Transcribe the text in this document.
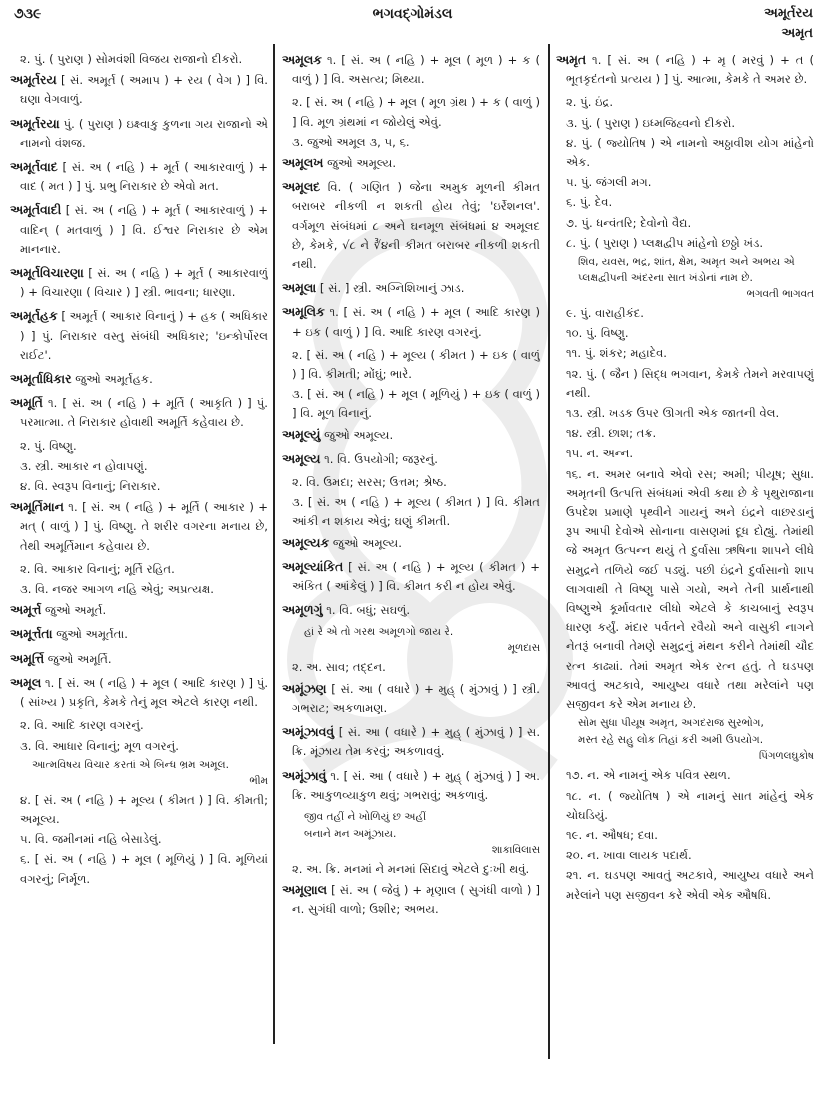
૭૩૯	ભગવદ્ગોમંડલ	અમૂર્તરય
અમૃત

૨. પું. ( પુરાણ ) સોમવંશી વિજય રાજાનો દીકરો.

અમૂર્તરય [ સં. અમૂર્ત ( અમાપ ) + રય ( વેગ ) ] વિ. ઘણા વેગવાળું.

અમૂર્તરયા પું. ( પુરાણ ) ઇક્ષ્વાકુ કુળના ગય રાજાનો એ નામનો વંશજ.

અમૂર્તવાદ [ સં. અ ( નહિ ) + મૂર્ત ( આકારવાળું ) + વાદ ( મત ) ] પું. પ્રભુ નિરાકાર છે એવો મત.

અમૂર્તવાદી [ સં. અ ( નહિ ) + મૂર્ત ( આકારવાળું ) + વાદિન્ ( મતવાળું ) ] વિ. ઈશ્વર નિરાકાર છે એમ માનનાર.

અમૂર્તવિચારણા [ સં. અ ( નહિ ) + મૂર્ત ( આકારવાળું ) + વિચારણા ( વિચાર ) ] સ્ત્રી. ભાવના; ધારણા.

અમૂર્તહક [ અમૂર્ત ( આકાર વિનાનું ) + હક ( અધિકાર ) ] પું. નિરાકાર વસ્તુ સંબંધી અધિકાર; 'ઇન્કોર્પોરલ રાઈટ'.

અમૂર્તાધિકાર જુઓ અમૂર્તહક.

અમૂર્તિ ૧. [ સં. અ ( નહિ ) + મૂર્તિ ( આકૃતિ ) ] પું. પરમાત્મા. તે નિરાકાર હોવાથી અમૂર્તિ કહેવાય છે.

૨. પું. વિષ્ણુ.

૩. સ્ત્રી. આકાર ન હોવાપણું.

૪. વિ. સ્વરૂપ વિનાનું; નિરાકાર.

અમૂર્તિમાન ૧. [ સં. અ ( નહિ ) + મૂર્તિ ( આકાર ) + મત્ ( વાળું ) ] પું. વિષ્ણુ. તે શરીર વગરના મનાય છે, તેથી અમૂર્તિમાન કહેવાય છે.

૨. વિ. આકાર વિનાનું; મૂર્તિ રહિત.

૩. વિ. નજર આગળ નહિ એવું; અપ્રત્યક્ષ.

અમૂર્ત્ત જુઓ અમૂર્ત.

અમૂર્ત્તતા જુઓ અમૂર્તતા.

અમૂર્ત્તિ જુઓ અમૂર્તિ.

અમૂલ ૧. [ સં. અ ( નહિ ) + મૂલ ( આદિ કારણ ) ] પું. ( સાંખ્ય ) પ્રકૃતિ, કેમકે તેનું મૂલ એટલે કારણ નથી.

૨. વિ. આદિ કારણ વગરનું.

૩. વિ. આધાર વિનાનું; મૂળ વગરનું.

આત્મવિષય વિચાર કરતાં એ બિન્ધ ભ્રમ અમૂલ.

ભીમ

૪. [ સં. અ ( નહિ ) + મૂલ્ય ( કીમત ) ] વિ. કીમતી; અમૂલ્ય.

૫. વિ. જમીનમાં નહિ બેસાડેલું.

૬. [ સં. અ ( નહિ ) + મૂલ ( મૂળિયું ) ] વિ. મૂળિયાં વગરનું; નિર્મૂળ.

અમૂલક ૧. [ સં. અ ( નહિ ) + મૂલ ( મૂળ ) + ક ( વાળું ) ] વિ. અસત્ય; મિથ્યા.

૨. [ સં. અ ( નહિ ) + મૂલ ( મૂળ ગ્રંથ ) + ક ( વાળું ) ] વિ. મૂળ ગ્રંથમાં ન જોયેલું એવું.

૩. જુઓ અમૂલ ૩, ૫, ૬.

અમૂલખ જુઓ અમૂલ્ય.

અમૂલદ વિ. ( ગણિત ) જેના અમુક મૂળની કીમત બરાબર નીકળી ન શકતી હોય તેવું; 'ઇર્રેશનલ'. વર્ગમૂળ સંબંધમાં ૮ અને ઘનમૂળ સંબંધમાં ૪ અમૂલદ છે, કેમકે, √૮ ને ∛૪ની કીમત બરાબર નીકળી શકતી નથી.

અમૂલા [ સં. ] સ્ત્રી. અગ્નિશિખાનું ઝાડ.

અમૂલિક ૧. [ સં. અ ( નહિ ) + મૂલ ( આદિ કારણ ) + ઇક ( વાળું ) ] વિ. આદિ કારણ વગરનું.

૨. [ સં. અ ( નહિ ) + મૂલ્ય ( કીમત ) + ઇક ( વાળું ) ] વિ. કીમતી; મોંઘું; ભારે.

૩. [ સં. અ ( નહિ ) + મૂલ ( મૂળિયું ) + ઇક ( વાળું ) ] વિ. મૂળ વિનાનું.

અમૂલ્યું જુઓ અમૂલ્ય.

અમૂલ્ય ૧. વિ. ઉપયોગી; જરૂરનું.

૨. વિ. ઉમદા; સરસ; ઉત્તમ; શ્રેષ્ઠ.

૩. [ સં. અ ( નહિ ) + મૂલ્ય ( કીમત ) ] વિ. કીમત આંકી ન શકાય એવું; ઘણું કીમતી.

અમૂલ્યક જુઓ અમૂલ્ય.

અમૂલ્યાંકિત [ સં. અ ( નહિ ) + મૂલ્ય ( કીમત ) + અંકિત ( આંકેલું ) ] વિ. કીમત કરી ન હોય એવું.

અમૂળગું ૧. વિ. બધું; સઘળું.

હાં રે એ તો ગરથ અમૂળગો જાય રે.

મૂળદાસ

૨. અ. સાવ; તદ્દન.

અમૂંઝણ [ સં. આ ( વધારે ) + મુહ્ ( મુંઝાવું ) ] સ્ત્રી. ગભરાટ; અકળામણ.

અમૂંઝાવવું [ સં. આ ( વધારે ) + મુહ્ ( મુંઝાવું ) ] સ. ક્રિ. મૂંઝાય તેમ કરવું; અકળાવવું.

અમૂંઝાવું ૧. [ સં. આ ( વધારે ) + મુહ્ ( મુંઝાવું ) ] અ. ક્રિ. આકુળવ્યાકુળ થવું; ગભરાવું; અકળાવું.

જીવ તહીં ને ખોળિયું છ અહીં

બનાને મન અમૂંઝાય.

શાકાવિલાસ

૨. અ. ક્રિ. મનમાં ને મનમાં સિદાવું એટલે દુઃખી થવું.

અમૂણાલ [ સં. અ ( જેવું ) + મૃણાલ ( સુગંધી વાળો ) ] ન. સુગંધી વાળો; ઉશીર; અભય.

અમૃત ૧. [ સં. અ ( નહિ ) + મૃ ( મરવું ) + ત ( ભૂતકૃદંતનો પ્રત્યય ) ] પું. આત્મા, કેમકે તે અમર છે.

૨. પું. ઇંદ્ર.

૩. પું. ( પુરાણ ) ઇધ્મજિહ્વનો દીકરો.

૪. પું. ( જ્યોતિષ ) એ નામનો અઠ્ઠાવીશ યોગ માંહેનો એક.

૫. પું. જંગલી મગ.

૬. પું. દેવ.

૭. પું. ધન્વંતરિ; દેવોનો વૈદ્ય.

૮. પું. ( પુરાણ ) પ્લક્ષદ્વીપ માંહેનો છઠ્ઠો ખંડ.

શિવ, યવસ, ભદ્ર, શાંત, ક્ષેમ, અમૃત અને અભય એ પ્લક્ષદ્વીપની અંદરના સાત ખંડોનાં નામ છે.

ભગવતી ભાગવત

૯. પું. વારાહીકંદ.

૧૦. પું. વિષ્ણુ.

૧૧. પું. શંકર; મહાદેવ.

૧૨. પું. ( જૈન ) સિદ્ધ ભગવાન, કેમકે તેમને મરવાપણું નથી.

૧૩. સ્ત્રી. ખડક ઉપર ઊગતી એક જાતની વેલ.

૧૪. સ્ત્રી. છાશ; તક્ર.

૧૫. ન. અન્ન.

૧૬. ન. અમર બનાવે એવો રસ; અમી; પીયૂષ; સુધા. અમૃતની ઉત્પત્તિ સંબંધમાં એવી કથા છે કે પૃથુરાજાના ઉપદેશ પ્રમાણે પૃથ્વીને ગાયનું અને ઇંદ્રને વાછરડાનું રૂપ આપી દેવોએ સોનાના વાસણમાં દૂધ દોહ્યું. તેમાંથી જે અમૃત ઉત્પન્ન થયું તે દુર્વાસા ઋષિના શાપને લીધે સમુદ્રને તળિયે જઈ પડ્યું. પછી ઇંદ્રને દુર્વાસાનો શાપ લાગવાથી તે વિષ્ણુ પાસે ગયો, અને તેની પ્રાર્થનાથી વિષ્ણુએ કૂર્માવતાર લીધો એટલે કે કાચબાનું સ્વરૂપ ધારણ કર્યું. મંદાર પર્વતને રવૈયો અને વાસુકી નાગને નેતરૂં બનાવી તેમણે સમુદ્રનું મંથન કરીને તેમાંથી ચૌદ રત્ન કાઢ્યાં. તેમાં અમૃત એક રત્ન હતું. તે ઘડપણ આવતું અટકાવે, આયુષ્ય વધારે તથા મરેલાંને પણ સજીવન કરે એમ મનાય છે.

સોમ સુધા પીયૂષ અમૃત, અગદરાજ સુરભોગ,

મસ્ત રહે સહુ લોક તિહાં કરી અમી ઉપયોગ.

પિંગળલઘુકોષ

૧૭. ન. એ નામનું એક પવિત્ર સ્થળ.

૧૮. ન. ( જ્યોતિષ ) એ નામનું સાત માંહેનું એક ચોઘડિયું.

૧૯. ન. ઔષધ; દવા.

૨૦. ન. ખાવા લાયક પદાર્થ.

૨૧. ન. ઘડપણ આવતું અટકાવે, આયુષ્ય વધારે અને મરેલાંને પણ સજીવન કરે એવી એક ઔષધિ.
